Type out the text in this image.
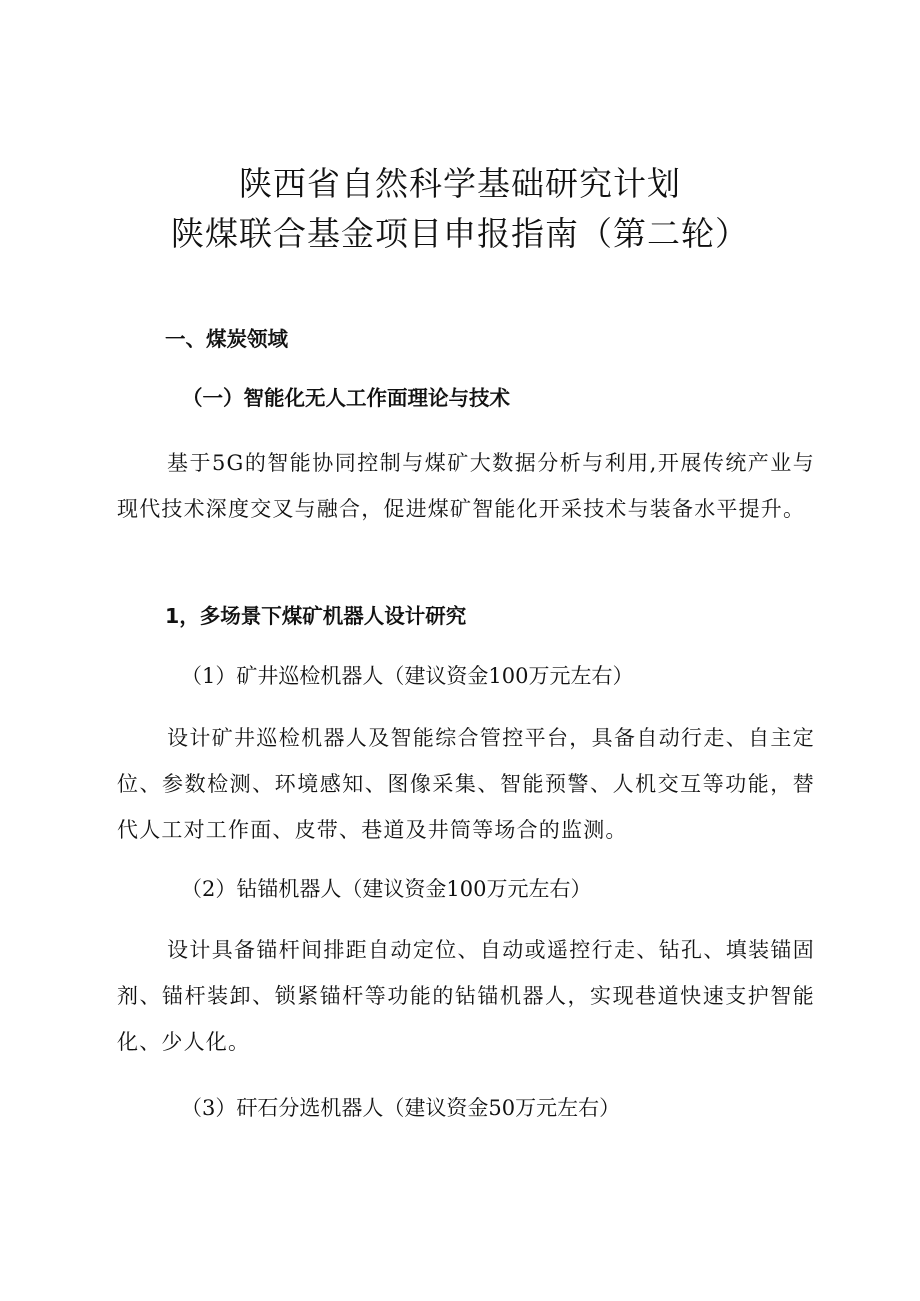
陕西省自然科学基础研究计划
陕煤联合基金项目申报指南（第二轮）
一、煤炭领域
（一）智能化无人工作面理论与技术
基于5G的智能协同控制与煤矿大数据分析与利用,开展传统产业与现代技术深度交叉与融合，促进煤矿智能化开采技术与装备水平提升。
1，多场景下煤矿机器人设计研究
（1）矿井巡检机器人（建议资金100万元左右）
设计矿井巡检机器人及智能综合管控平台，具备自动行走、自主定位、参数检测、环境感知、图像采集、智能预警、人机交互等功能，替代人工对工作面、皮带、巷道及井筒等场合的监测。
（2）钻锚机器人（建议资金100万元左右）
设计具备锚杆间排距自动定位、自动或遥控行走、钻孔、填装锚固剂、锚杆装卸、锁紧锚杆等功能的钻锚机器人，实现巷道快速支护智能化、少人化。
（3）矸石分选机器人（建议资金50万元左右）
